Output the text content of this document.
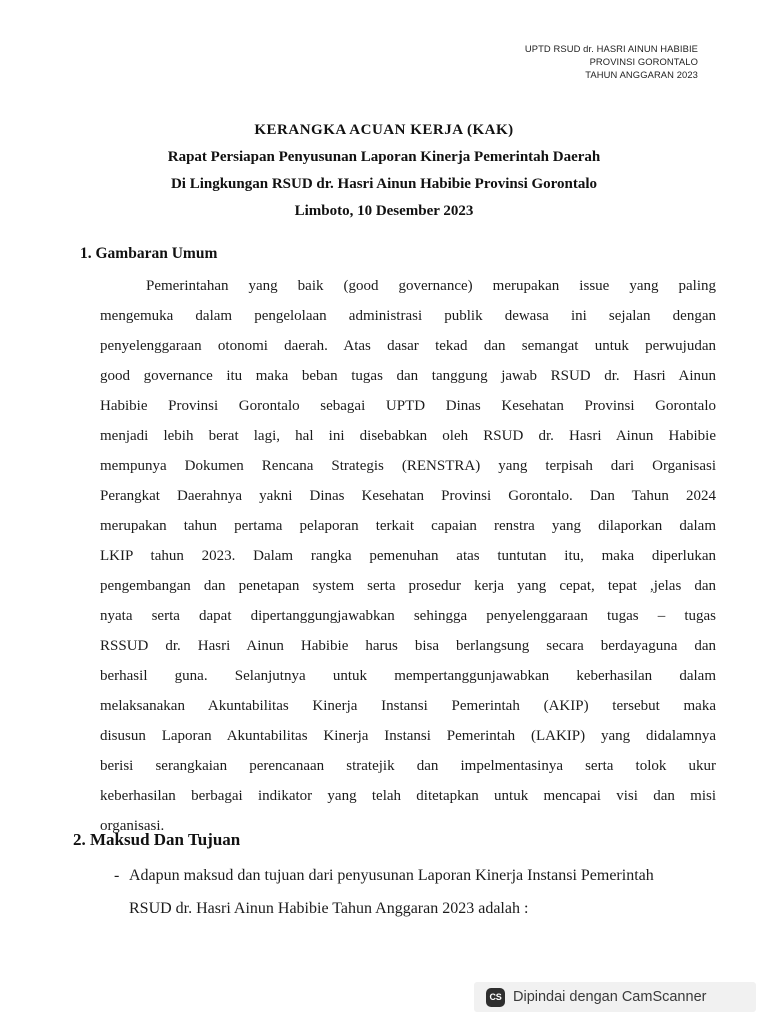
UPTD RSUD dr. HASRI AINUN HABIBIE
PROVINSI GORONTALO
TAHUN ANGGARAN 2023
KERANGKA ACUAN KERJA (KAK)
Rapat Persiapan Penyusunan Laporan Kinerja Pemerintah Daerah
Di Lingkungan RSUD dr. Hasri Ainun Habibie Provinsi Gorontalo
Limboto, 10 Desember 2023
1. Gambaran Umum
Pemerintahan yang baik (good governance) merupakan issue yang paling
mengemuka dalam pengelolaan administrasi publik dewasa ini sejalan dengan
penyelenggaraan otonomi daerah. Atas dasar tekad dan semangat untuk perwujudan
good governance itu maka beban tugas dan tanggung jawab RSUD dr. Hasri Ainun
Habibie Provinsi Gorontalo sebagai UPTD Dinas Kesehatan Provinsi Gorontalo
menjadi lebih berat lagi, hal ini disebabkan oleh RSUD dr. Hasri Ainun Habibie
mempunya Dokumen Rencana Strategis (RENSTRA) yang terpisah dari Organisasi
Perangkat Daerahnya yakni Dinas Kesehatan Provinsi Gorontalo. Dan Tahun 2024
merupakan tahun pertama pelaporan terkait capaian renstra yang dilaporkan dalam
LKIP tahun 2023. Dalam rangka pemenuhan atas tuntutan itu, maka diperlukan
pengembangan dan penetapan system serta prosedur kerja yang cepat, tepat ,jelas dan
nyata serta dapat dipertanggungjawabkan sehingga penyelenggaraan tugas – tugas
RSSUD dr. Hasri Ainun Habibie harus bisa berlangsung secara berdayaguna dan
berhasil guna. Selanjutnya untuk mempertanggunjawabkan keberhasilan dalam
melaksanakan Akuntabilitas Kinerja Instansi Pemerintah (AKIP) tersebut maka
disusun Laporan Akuntabilitas Kinerja Instansi Pemerintah (LAKIP) yang didalamnya
berisi serangkaian perencanaan stratejik dan impelmentasinya serta tolok ukur
keberhasilan berbagai indikator yang telah ditetapkan untuk mencapai visi dan misi
organisasi.
2. Maksud Dan Tujuan
- Adapun maksud dan tujuan dari penyusunan Laporan Kinerja Instansi Pemerintah
RSUD dr. Hasri Ainun Habibie Tahun Anggaran 2023 adalah :
CS Dipindai dengan CamScanner
